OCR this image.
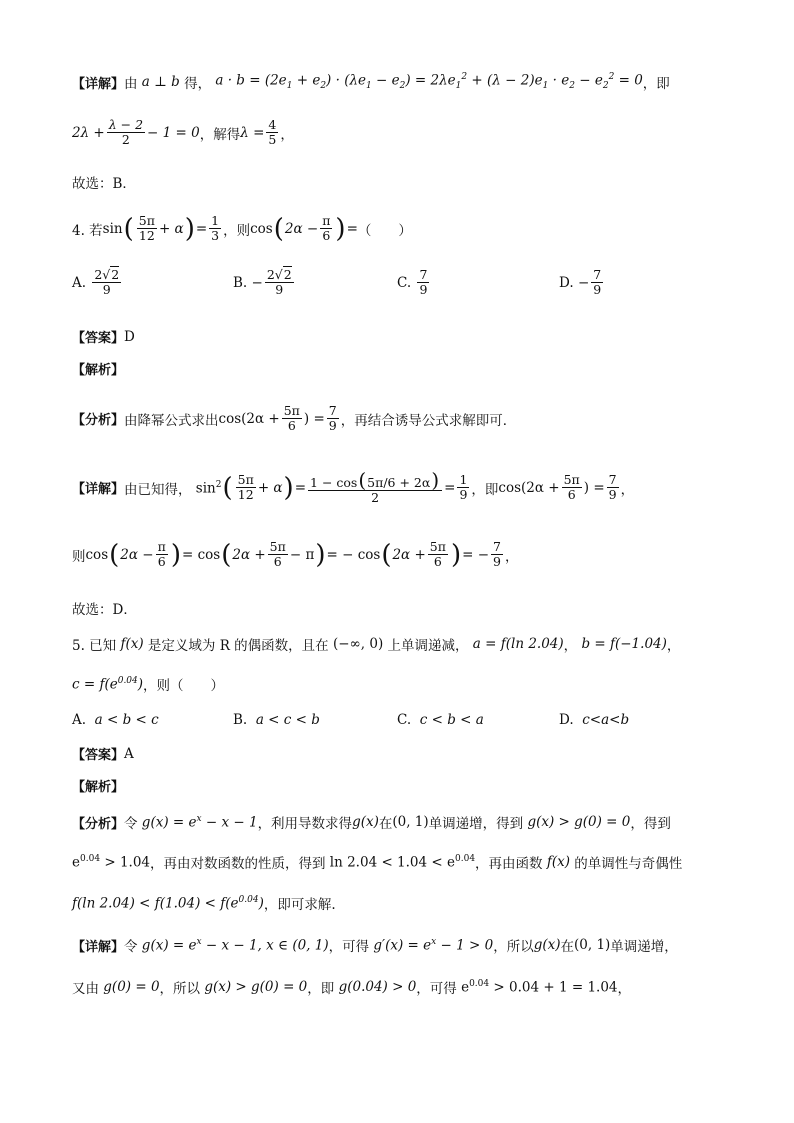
【详解】 由 a ⊥ b 得， $a \cdot b = (2e_1 + e_2) \cdot (\lambda e_1 - e_2) = 2\lambda e_1^2 + (\lambda - 2)e_1 \cdot e_2 - e_2^2 = 0$ ，即
$2\lambda + \frac{\lambda - 2}{2} - 1 = 0$ ，解得 $\lambda = \frac{4}{5}$ ，
故选：B．
4. 若 sin ( $\frac{5\pi}{12} + \alpha$ ) = $\frac{1}{3}$ ，则 cos ( $2\alpha - \frac{\pi}{6}$ ) = （　　）
A.
$\frac{2√2}{9}$	B.
− $\frac{2√2}{9}$	C.
$\frac{7}{9}$	D.
− $\frac{7}{9}$
【答案】 D
【解析】
【分析】 由降幂公式求出 $\cos(2\alpha + \frac{5\pi}{6}$ ) = $\frac{7}{9}$ ，再结合诱导公式求解即可．
【详解】 由已知得， $\sin^2$ ( $\frac{5\pi}{12} + \alpha$ ) = $\frac{1 - \cos(5\pi/6 + 2\alpha)}{2} = \frac{1}{9}$ ，即 $\cos(2\alpha + \frac{5\pi}{6}$ ) = $\frac{7}{9}$ ，
则 cos ( $2\alpha - \frac{\pi}{6}$ ) = cos ( $2\alpha + \frac{5\pi}{6} - \pi$ ) = − cos ( $2\alpha + \frac{5\pi}{6}$ ) = − $\frac{7}{9}$ ，
故选：D．
5. 已知 f(x) 是定义域为 R 的偶函数，且在 (−∞, 0) 上单调递减， a = f(ln 2.04) ， b = f(−1.04) ，
$c = f(e^{0.04})$ ，则（　　）
A.
a < b < c	B.
a < c < b	C.
c < b < a	D.
c<a<b
【答案】 A
【解析】
【分析】 令 $g(x) = e^x - x - 1$ ，利用导数求得 g(x) 在 (0, 1) 单调递增，得到 g(x) > g(0) = 0 ，得到
$e^{0.04} > 1.04$ ，再由对数函数的性质，得到 $\ln 2.04 < 1.04 < e^{0.04}$ ，再由函数 f(x) 的单调性与奇偶性
f(ln $2.04) < f(1.04) < f(e^{0.04})$ ，即可求解.
【详解】 令 $g(x) = e^x - x - 1$, x ∈ (0, 1) ，可得 $g'(x) = e^x - 1 > 0$ ，所以 g(x) 在 (0, 1) 单调递增，
又由 g(0) = 0 ，所以 g(x) > g(0) = 0 ，即 g(0.04) > 0 ，可得 $e^{0.04} > 0.04 + 1 = 1.04$ ，
